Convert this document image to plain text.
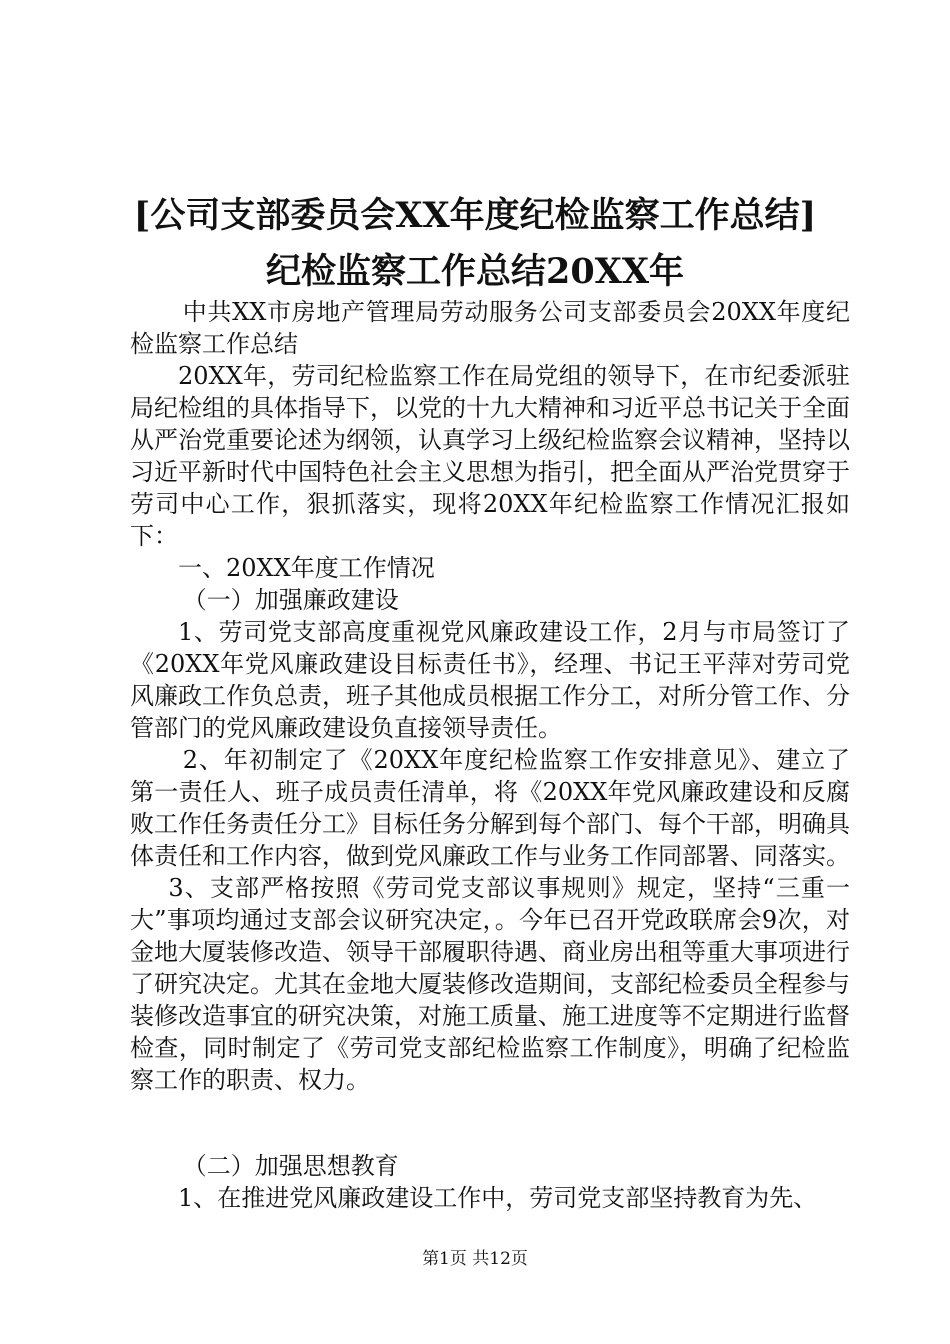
[公司支部委员会XX年度纪检监察工作总结]
纪检监察工作总结20XX年

中共XX市房地产管理局劳动服务公司支部委员会20XX年度纪检监察工作总结

20XX年，劳司纪检监察工作在局党组的领导下，在市纪委派驻局纪检组的具体指导下，以党的十九大精神和习近平总书记关于全面从严治党重要论述为纲领，认真学习上级纪检监察会议精神，坚持以习近平新时代中国特色社会主义思想为指引，把全面从严治党贯穿于劳司中心工作，狠抓落实，现将20XX年纪检监察工作情况汇报如下：

一、20XX年度工作情况

（一）加强廉政建设

1、劳司党支部高度重视党风廉政建设工作，2月与市局签订了《20XX年党风廉政建设目标责任书》，经理、书记王平萍对劳司党风廉政工作负总责，班子其他成员根据工作分工，对所分管工作、分管部门的党风廉政建设负直接领导责任。

2、年初制定了《20XX年度纪检监察工作安排意见》、建立了第一责任人、班子成员责任清单，将《20XX年党风廉政建设和反腐败工作任务责任分工》目标任务分解到每个部门、每个干部，明确具体责任和工作内容，做到党风廉政工作与业务工作同部署、同落实。

3、支部严格按照《劳司党支部议事规则》规定，坚持“三重一大”事项均通过支部会议研究决定，。今年已召开党政联席会9次，对金地大厦装修改造、领导干部履职待遇、商业房出租等重大事项进行了研究决定。尤其在金地大厦装修改造期间，支部纪检委员全程参与装修改造事宜的研究决策，对施工质量、施工进度等不定期进行监督检查，同时制定了《劳司党支部纪检监察工作制度》，明确了纪检监察工作的职责、权力。

（二）加强思想教育

1、在推进党风廉政建设工作中，劳司党支部坚持教育为先、

第1页 共12页
